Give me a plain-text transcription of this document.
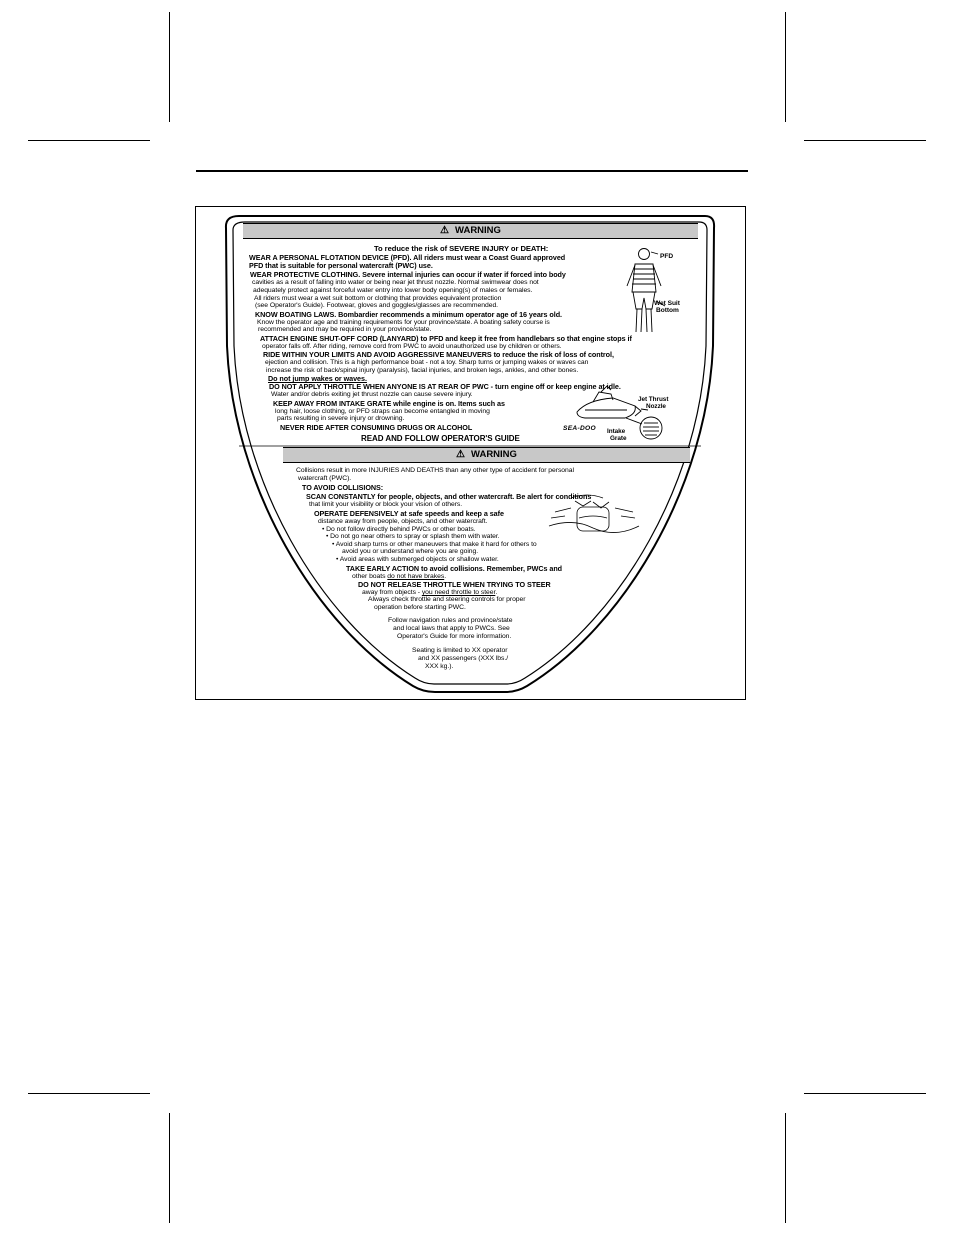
⚠ WARNING
To reduce the risk of SEVERE INJURY or DEATH:
WEAR A PERSONAL FLOTATION DEVICE (PFD). All riders must wear a Coast Guard approved
PFD that is suitable for personal watercraft (PWC) use.
WEAR PROTECTIVE CLOTHING. Severe internal injuries can occur if water if forced into body
cavities as a result of falling into water or being near jet thrust nozzle. Normal swimwear does not
adequately protect against forceful water entry into lower body opening(s) of males or females.
All riders must wear a wet suit bottom or clothing that provides equivalent protection
(see Operator's Guide). Footwear, gloves and goggles/glasses are recommended.
KNOW BOATING LAWS. Bombardier recommends a minimum operator age of 16 years old.
Know the operator age and training requirements for your province/state. A boating safety course is
recommended and may be required in your province/state.
ATTACH ENGINE SHUT-OFF CORD (LANYARD) to PFD and keep it free from handlebars so that engine stops if
operator falls off. After riding, remove cord from PWC to avoid unauthorized use by children or others.
RIDE WITHIN YOUR LIMITS AND AVOID AGGRESSIVE MANEUVERS to reduce the risk of loss of control,
ejection and collision. This is a high performance boat - not a toy. Sharp turns or jumping wakes or waves can
increase the risk of back/spinal injury (paralysis), facial injuries, and broken legs, ankles, and other bones.
Do not jump wakes or waves.
DO NOT APPLY THROTTLE WHEN ANYONE IS AT REAR OF PWC - turn engine off or keep engine at idle.
Water and/or debris exiting jet thrust nozzle can cause severe injury.
KEEP AWAY FROM INTAKE GRATE while engine is on. Items such as
long hair, loose clothing, or PFD straps can become entangled in moving
parts resulting in severe injury or drowning.
NEVER RIDE AFTER CONSUMING DRUGS OR ALCOHOL
READ AND FOLLOW OPERATOR'S GUIDE
PFD
Wet Suit
Bottom
Jet Thrust
Nozzle
Intake
Grate
SEA-DOO
⚠ WARNING
Collisions result in more INJURIES AND DEATHS than any other type of accident for personal
watercraft (PWC).
TO AVOID COLLISIONS:
SCAN CONSTANTLY for people, objects, and other watercraft. Be alert for conditions
that limit your visibility or block your vision of others.
OPERATE DEFENSIVELY at safe speeds and keep a safe
distance away from people, objects, and other watercraft.
• Do not follow directly behind PWCs or other boats.
• Do not go near others to spray or splash them with water.
• Avoid sharp turns or other maneuvers that make it hard for others to
avoid you or understand where you are going.
• Avoid areas with submerged objects or shallow water.
TAKE EARLY ACTION to avoid collisions. Remember, PWCs and
other boats do not have brakes.
DO NOT RELEASE THROTTLE WHEN TRYING TO STEER
away from objects - you need throttle to steer.
Always check throttle and steering controls for proper
operation before starting PWC.
Follow navigation rules and province/state
and local laws that apply to PWCs. See
Operator's Guide for more information.
Seating is limited to XX operator
and XX passengers (XXX lbs./
XXX kg.).
